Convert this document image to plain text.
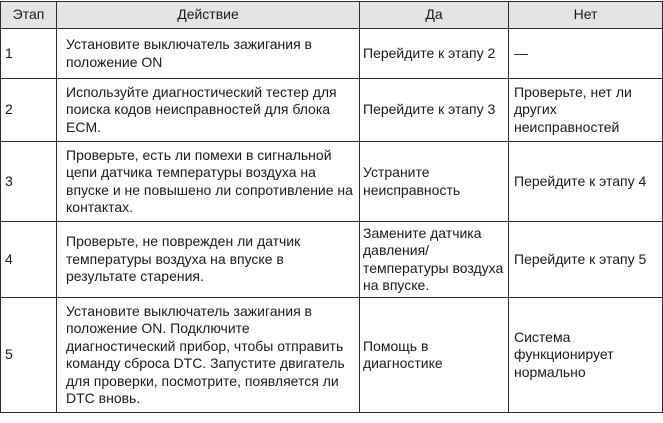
Этап	Действие	Да	Нет
1	Установите выключатель зажигания в положение ON	Перейдите к этапу 2	—
2	Используйте диагностический тестер для поиска кодов неисправностей для блока ECM.	Перейдите к этапу 3	Проверьте, нет ли других неисправностей
3	Проверьте, есть ли помехи в сигнальной цепи датчика температуры воздуха на впуске и не повышено ли сопротивление на контактах.	Устраните неисправность	Перейдите к этапу 4
4	Проверьте, не поврежден ли датчик температуры воздуха на впуске в результате старения.	Замените датчика давления/температуры воздуха на впуске.	Перейдите к этапу 5
5	Установите выключатель зажигания в положение ON. Подключите диагностический прибор, чтобы отправить команду сброса DTC. Запустите двигатель для проверки, посмотрите, появляется ли DTC вновь.	Помощь в диагностике	Система функционирует нормально
